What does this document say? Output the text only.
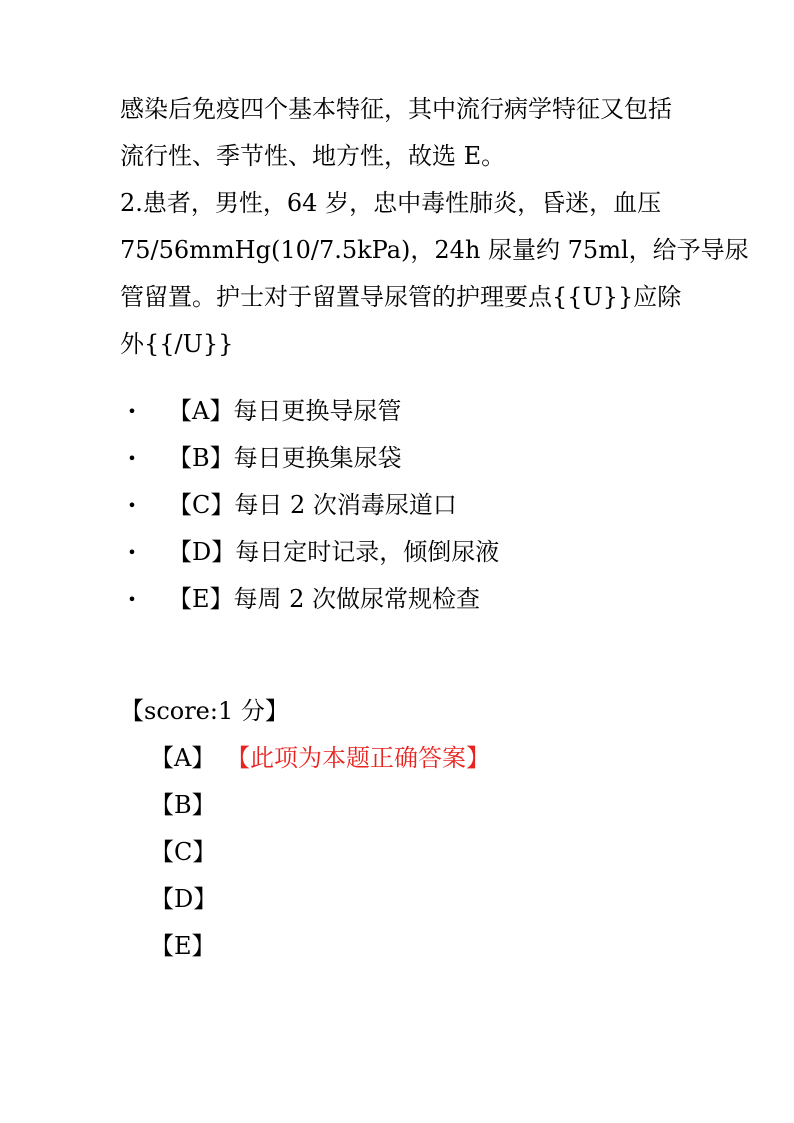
感染后免疫四个基本特征，其中流行病学特征又包括
流行性、季节性、地方性，故选 E。

2.患者，男性，64 岁，忠中毒性肺炎，昏迷，血压
75/56mmHg(10/7.5kPa)，24h 尿量约 75ml，给予导尿
管留置。护士对于留置导尿管的护理要点{{U}}应除
外{{/U}}

•	【A】每日更换导尿管
•	【B】每日更换集尿袋
•	【C】每日 2 次消毒尿道口
•	【D】每日定时记录，倾倒尿液
•	【E】每周 2 次做尿常规检查
【score:1 分】
【A】 【此项为本题正确答案】
【B】
【C】
【D】
【E】
